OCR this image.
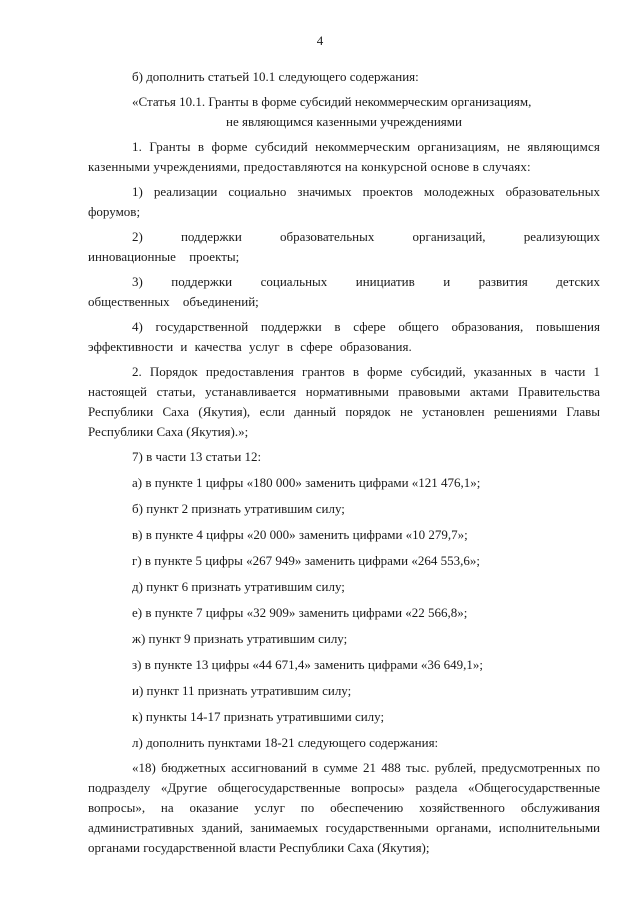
4

б) дополнить статьей 10.1 следующего содержания:

«Статья 10.1. Гранты в форме субсидий некоммерческим организациям,

не являющимся казенными учреждениями

1. Гранты в форме субсидий некоммерческим организациям, не являющимся казенными учреждениями, предоставляются на конкурсной основе в случаях:

1) реализации социально значимых проектов молодежных образовательных форумов;

2) поддержки образовательных организаций, реализующих инновационные проекты;

3) поддержки социальных инициатив и развития детских общественных объединений;

4) государственной поддержки в сфере общего образования, повышения эффективности и качества услуг в сфере образования.

2. Порядок предоставления грантов в форме субсидий, указанных в части 1 настоящей статьи, устанавливается нормативными правовыми актами Правительства Республики Саха (Якутия), если данный порядок не установлен решениями Главы Республики Саха (Якутия).»;

7) в части 13 статьи 12:

а) в пункте 1 цифры «180 000» заменить цифрами «121 476,1»;

б) пункт 2 признать утратившим силу;

в) в пункте 4 цифры «20 000» заменить цифрами «10 279,7»;

г) в пункте 5 цифры «267 949» заменить цифрами «264 553,6»;

д) пункт 6 признать утратившим силу;

е) в пункте 7 цифры «32 909» заменить цифрами «22 566,8»;

ж) пункт 9 признать утратившим силу;

з) в пункте 13 цифры «44 671,4» заменить цифрами «36 649,1»;

и) пункт 11 признать утратившим силу;

к) пункты 14-17 признать утратившими силу;

л) дополнить пунктами 18-21 следующего содержания:

«18) бюджетных ассигнований в сумме 21 488 тыс. рублей, предусмотренных по подразделу «Другие общегосударственные вопросы» раздела «Общегосударственные вопросы», на оказание услуг по обеспечению хозяйственного обслуживания административных зданий, занимаемых государственными органами, исполнительными органами государственной власти Республики Саха (Якутия);
